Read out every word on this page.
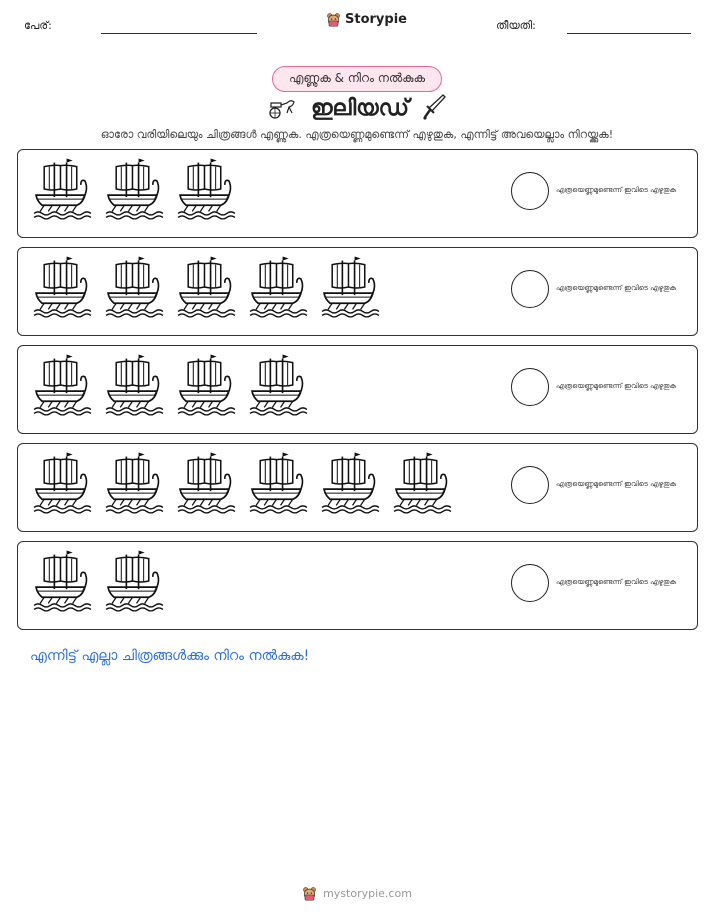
പേര്:	Storypie	തീയതി:
എണ്ണുക & നിറം നൽകുക
ഇലിയഡ്
ഓരോ വരിയിലെയും ചിത്രങ്ങൾ എണ്ണുക. എത്രയെണ്ണമുണ്ടെന്ന് എഴുതുക, എന്നിട്ട് അവയെല്ലാം നിറയ്ക്കുക!
എത്രയെണ്ണമുണ്ടെന്ന് ഇവിടെ എഴുതുക
എത്രയെണ്ണമുണ്ടെന്ന് ഇവിടെ എഴുതുക
എത്രയെണ്ണമുണ്ടെന്ന് ഇവിടെ എഴുതുക
എത്രയെണ്ണമുണ്ടെന്ന് ഇവിടെ എഴുതുക
എത്രയെണ്ണമുണ്ടെന്ന് ഇവിടെ എഴുതുക
എന്നിട്ട് എല്ലാ ചിത്രങ്ങൾക്കും നിറം നൽകുക!
mystorypie.com
